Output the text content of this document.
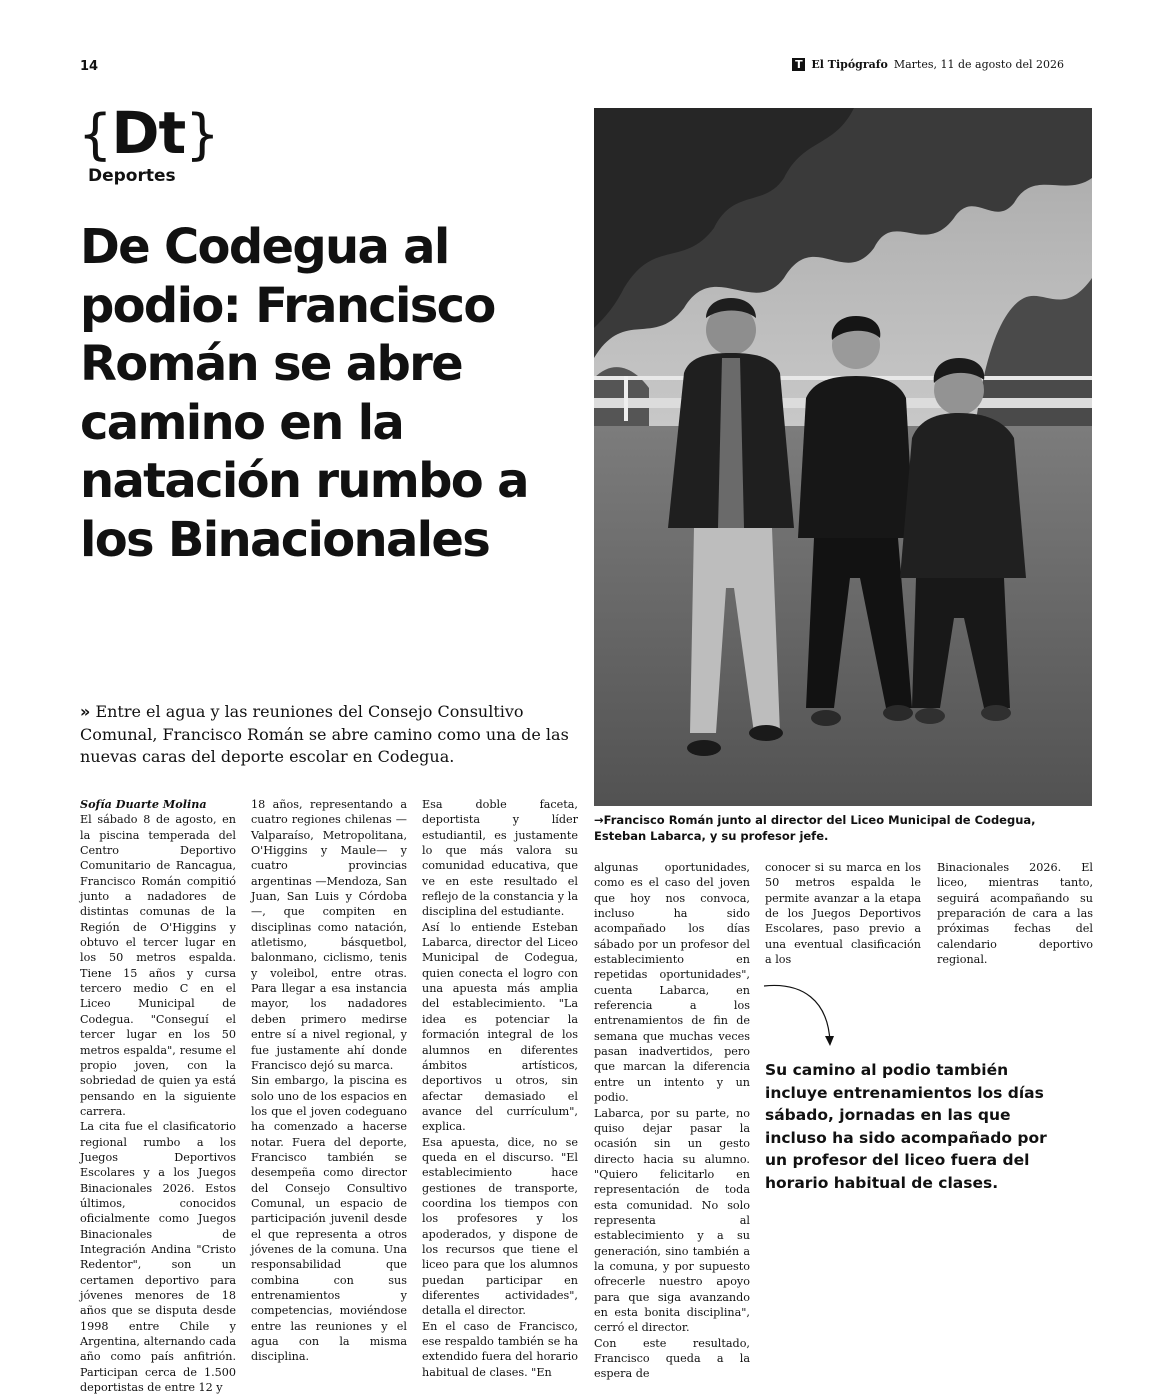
14	T El Tipógrafo Martes, 11 de agosto del 2026
{Dt}
Deportes
De Codegua al podio: Francisco Román se abre camino en la natación rumbo a los Binacionales
→Francisco Román junto al director del Liceo Municipal de Codegua, Esteban Labarca, y su profesor jefe.
» Entre el agua y las reuniones del Consejo Consultivo Comunal, Francisco Román se abre camino como una de las nuevas caras del deporte escolar en Codegua.

Sofía Duarte Molina

El sábado 8 de agosto, en la piscina temperada del Centro Deportivo Comunitario de Rancagua, Francisco Román compitió junto a nadadores de distintas comunas de la Región de O'Higgins y obtuvo el tercer lugar en los 50 metros espalda. Tiene 15 años y cursa tercero medio C en el Liceo Municipal de Codegua. "Conseguí el tercer lugar en los 50 metros espalda", resume el propio joven, con la sobriedad de quien ya está pensando en la siguiente carrera.

La cita fue el clasificatorio regional rumbo a los Juegos Deportivos Escolares y a los Juegos Binacionales 2026. Estos últimos, conocidos oficialmente como Juegos Binacionales de Integración Andina "Cristo Redentor", son un certamen deportivo para jóvenes menores de 18 años que se disputa desde 1998 entre Chile y Argentina, alternando cada año como país anfitrión. Participan cerca de 1.500 deportistas de entre 12 y

18 años, representando a cuatro regiones chilenas —Valparaíso, Metropolitana, O'Higgins y Maule— y cuatro provincias argentinas —Mendoza, San Juan, San Luis y Córdoba—, que compiten en disciplinas como natación, atletismo, básquetbol, balonmano, ciclismo, tenis y voleibol, entre otras. Para llegar a esa instancia mayor, los nadadores deben primero medirse entre sí a nivel regional, y fue justamente ahí donde Francisco dejó su marca.

Sin embargo, la piscina es solo uno de los espacios en los que el joven codeguano ha comenzado a hacerse notar. Fuera del deporte, Francisco también se desempeña como director del Consejo Consultivo Comunal, un espacio de participación juvenil desde el que representa a otros jóvenes de la comuna. Una responsabilidad que combina con sus entrenamientos y competencias, moviéndose entre las reuniones y el agua con la misma disciplina.

Esa doble faceta, deportista y líder estudiantil, es justamente lo que más valora su comunidad educativa, que ve en este resultado el reflejo de la constancia y la disciplina del estudiante.

Así lo entiende Esteban Labarca, director del Liceo Municipal de Codegua, quien conecta el logro con una apuesta más amplia del establecimiento. "La idea es potenciar la formación integral de los alumnos en diferentes ámbitos artísticos, deportivos u otros, sin afectar demasiado el avance del currículum", explica.

Esa apuesta, dice, no se queda en el discurso. "El establecimiento hace gestiones de transporte, coordina los tiempos con los profesores y los apoderados, y dispone de los recursos que tiene el liceo para que los alumnos puedan participar en diferentes actividades", detalla el director.

En el caso de Francisco, ese respaldo también se ha extendido fuera del horario habitual de clases. "En

algunas oportunidades, como es el caso del joven que hoy nos convoca, incluso ha sido acompañado los días sábado por un profesor del establecimiento en repetidas oportunidades", cuenta Labarca, en referencia a los entrenamientos de fin de semana que muchas veces pasan inadvertidos, pero que marcan la diferencia entre un intento y un podio.

Labarca, por su parte, no quiso dejar pasar la ocasión sin un gesto directo hacia su alumno. "Quiero felicitarlo en representación de toda esta comunidad. No solo representa al establecimiento y a su generación, sino también a la comuna, y por supuesto ofrecerle nuestro apoyo para que siga avanzando en esta bonita disciplina", cerró el director.

Con este resultado, Francisco queda a la espera de

conocer si su marca en los 50 metros espalda le permite avanzar a la etapa de los Juegos Deportivos Escolares, paso previo a una eventual clasificación a los

Binacionales 2026. El liceo, mientras tanto, seguirá acompañando su preparación de cara a las próximas fechas del calendario deportivo regional.

Su camino al podio también incluye entrenamientos los días sábado, jornadas en las que incluso ha sido acompañado por un profesor del liceo fuera del horario habitual de clases.
